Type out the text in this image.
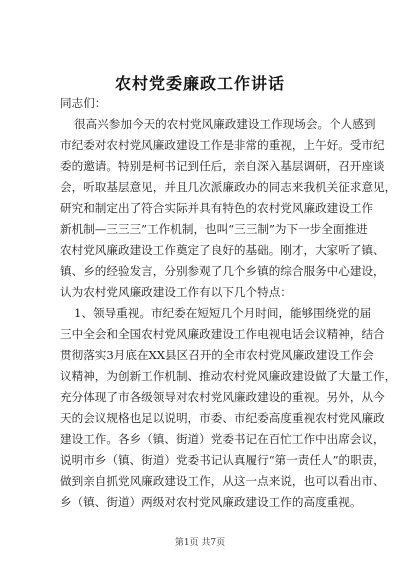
农村党委廉政工作讲话
同志们：
很高兴参加今天的农村党风廉政建设工作现场会。个人感到
市纪委对农村党风廉政建设工作是非常的重视，上午好。受市纪
委的邀请。特别是柯书记到任后，亲自深入基层调研，召开座谈
会，听取基层意见，并且几次派廉政办的同志来我机关征求意见，
研究和制定出了符合实际并具有特色的农村党风廉政建设工作
新机制—三三三”工作机制，也叫“三三制”为下一步全面推进
农村党风廉政建设工作奠定了良好的基础。刚才，大家听了镇、
镇、乡的经验发言，分别参观了几个乡镇的综合服务中心建设，
认为农村党风廉政建设工作有以下几个特点：
1、领导重视。市纪委在短短几个月时间，能够围绕党的届
三中全会和全国农村党风廉政建设工作电视电话会议精神，结合
贯彻落实3月底在XX县区召开的全市农村党风廉政建设工作会
议精神，为创新工作机制、推动农村党风廉政建设做了大量工作，
充分体现了市各级领导对农村党风廉政建设的重视。另外，从今
天的会议规格也足以说明，市委、市纪委高度重视农村党风廉政
建设工作。各乡（镇、街道）党委书记在百忙工作中出席会议，
说明市乡（镇、街道）党委书记认真履行“第一责任人”的职责，
做到亲自抓党风廉政建设工作，从这一点来说，也可以看出市、
乡（镇、街道）两级对农村党风廉政建设工作的高度重视。
第1页 共7页
